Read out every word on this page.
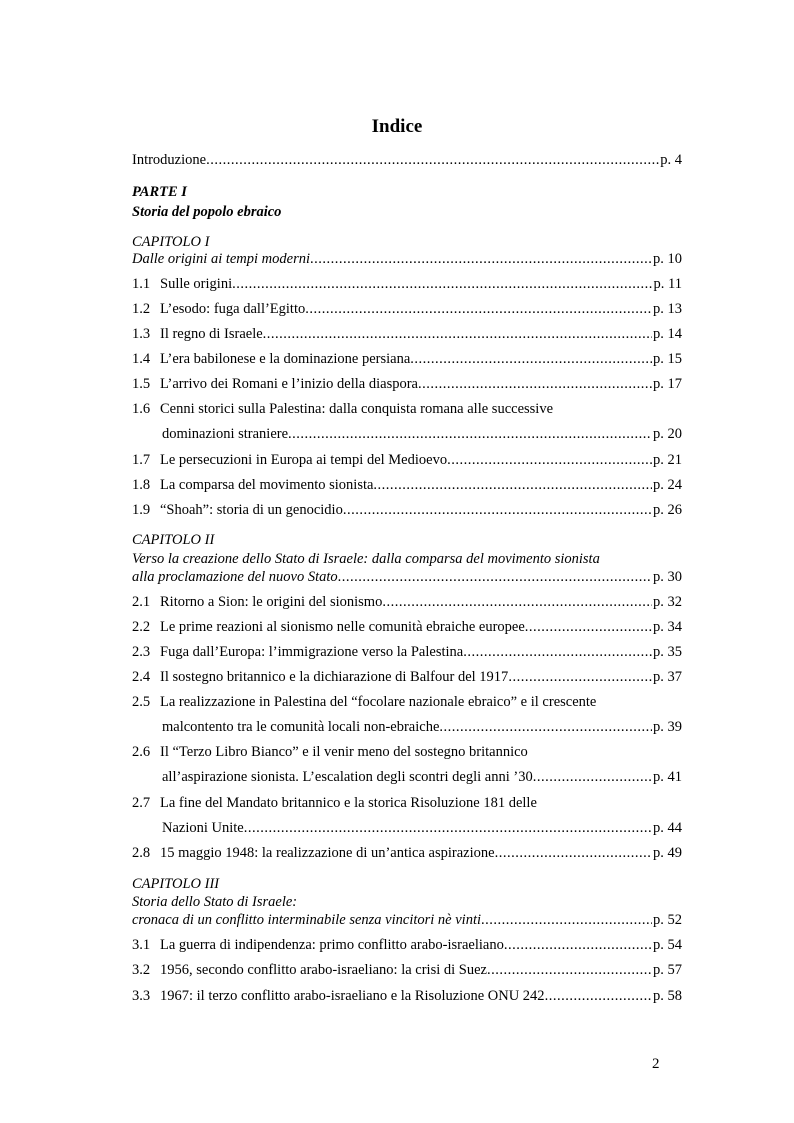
Indice
Introduzione .....	p. 4
PARTE I
Storia del popolo ebraico
CAPITOLO I
Dalle origini ai tempi moderni .....	p. 10
1.1 Sulle origini .....	p. 11
1.2 L’esodo: fuga dall’Egitto .....	p. 13
1.3 Il regno di Israele .....	p. 14
1.4 L’era babilonese e la dominazione persiana .....	p. 15
1.5 L’arrivo dei Romani e l’inizio della diaspora .....	p. 17
1.6 Cenni storici sulla Palestina: dalla conquista romana alle successive
dominazioni straniere .....	p. 20
1.7 Le persecuzioni in Europa ai tempi del Medioevo .....	p. 21
1.8 La comparsa del movimento sionista .....	p. 24
1.9 “Shoah”: storia di un genocidio .....	p. 26
CAPITOLO II
Verso la creazione dello Stato di Israele: dalla comparsa del movimento sionista
alla proclamazione del nuovo Stato .....	p. 30
2.1 Ritorno a Sion: le origini del sionismo .....	p. 32
2.2 Le prime reazioni al sionismo nelle comunità ebraiche europee .....	p. 34
2.3 Fuga dall’Europa: l’immigrazione verso la Palestina .....	p. 35
2.4 Il sostegno britannico e la dichiarazione di Balfour del 1917 .....	p. 37
2.5 La realizzazione in Palestina del “focolare nazionale ebraico” e il crescente
malcontento tra le comunità locali non-ebraiche .....	p. 39
2.6 Il “Terzo Libro Bianco” e il venir meno del sostegno britannico
all’aspirazione sionista. L’escalation degli scontri degli anni ’30 .....	p. 41
2.7 La fine del Mandato britannico e la storica Risoluzione 181 delle
Nazioni Unite .....	p. 44
2.8 15 maggio 1948: la realizzazione di un’antica aspirazione .....	p. 49
CAPITOLO III
Storia dello Stato di Israele:
cronaca di un conflitto interminabile senza vincitori nè vinti .....	p. 52
3.1 La guerra di indipendenza: primo conflitto arabo-israeliano .....	p. 54
3.2 1956, secondo conflitto arabo-israeliano: la crisi di Suez .....	p. 57
3.3 1967: il terzo conflitto arabo-israeliano e la Risoluzione ONU 242 .....	p. 58
2
